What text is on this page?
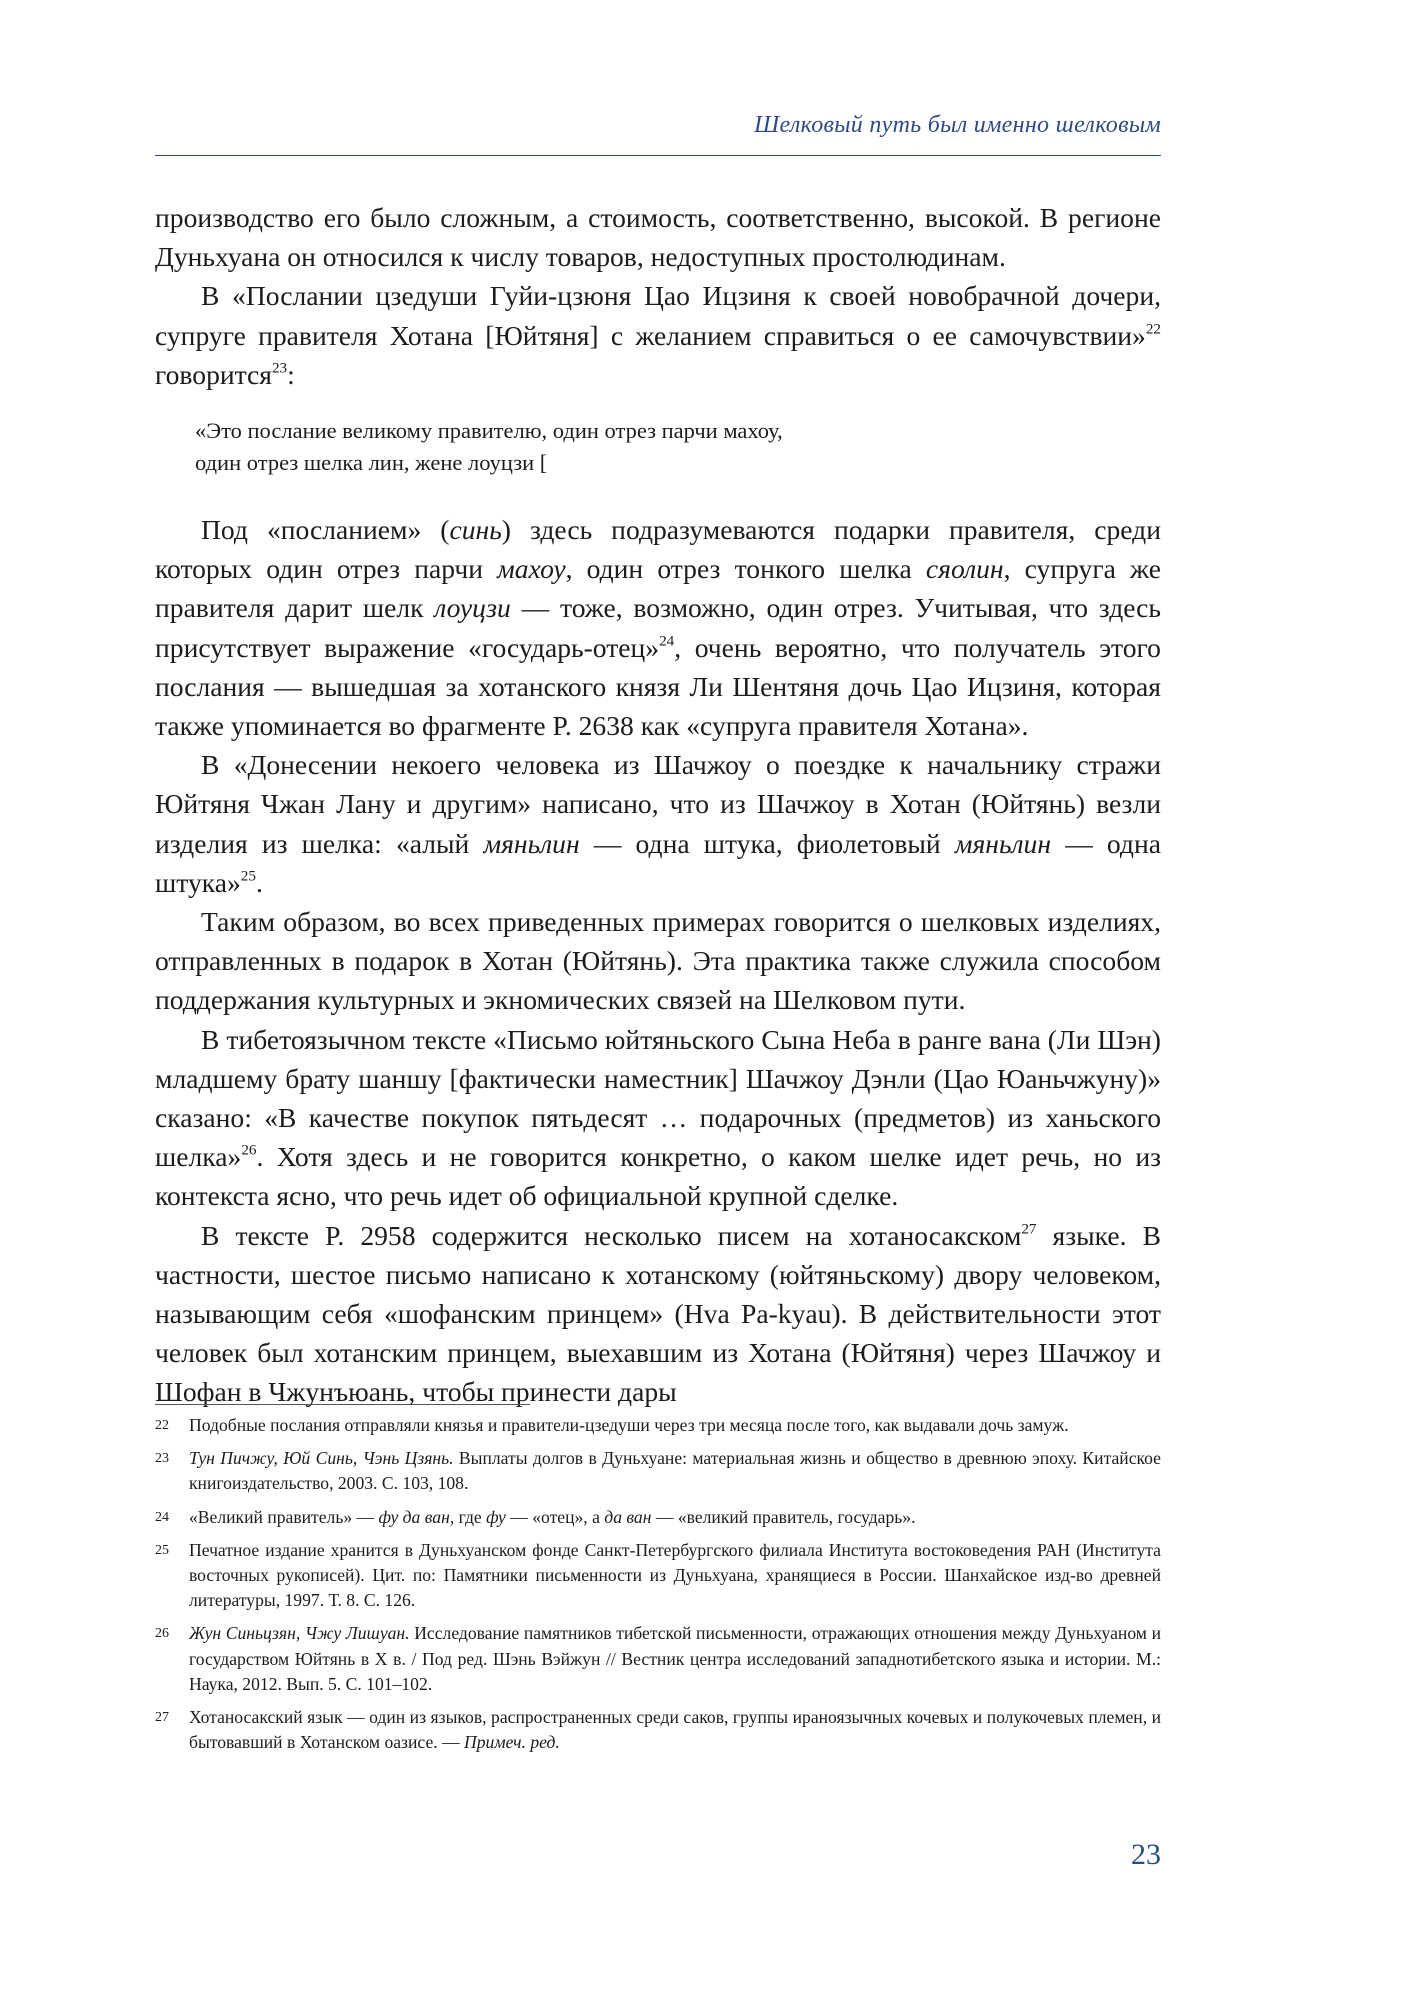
Шелковый путь был именно шелковым

производство его было сложным, а стоимость, соответственно, высокой. В регионе Дуньхуана он относился к числу товаров, недоступных простолюдинам.

В «Послании цзедуши Гуйи-цзюня Цао Ицзиня к своей новобрачной дочери, супруге правителя Хотана [Юйтяня] с желанием справиться о ее самочувствии»$^{22}$ говорится$^{23}$:

«Это послание великому правителю, один отрез парчи махоу,
один отрез шелка лин, жене лоуцзи [

Под «посланием» (синь) здесь подразумеваются подарки правителя, среди которых один отрез парчи махоу, один отрез тонкого шелка сяолин, супруга же правителя дарит шелк лоуцзи — тоже, возможно, один отрез. Учитывая, что здесь присутствует выражение «государь-отец»$^{24}$, очень вероятно, что получатель этого послания — вышедшая за хотанского князя Ли Шентяня дочь Цао Ицзиня, которая также упоминается во фрагменте P. 2638 как «супруга правителя Хотана».

В «Донесении некоего человека из Шачжоу о поездке к начальнику стражи Юйтяня Чжан Лану и другим» написано, что из Шачжоу в Хотан (Юйтянь) везли изделия из шелка: «алый мяньлин — одна штука, фиолетовый мяньлин — одна штука»$^{25}$.

Таким образом, во всех приведенных примерах говорится о шелковых изделиях, отправленных в подарок в Хотан (Юйтянь). Эта практика также служила способом поддержания культурных и экномических связей на Шелковом пути.

В тибетоязычном тексте «Письмо юйтяньского Сына Неба в ранге вана (Ли Шэн) младшему брату шаншу [фактически наместник] Шачжоу Дэнли (Цао Юаньчжуну)» сказано: «В качестве покупок пятьдесят … подарочных (предметов) из ханьского шелка»$^{26}$. Хотя здесь и не говорится конкретно, о каком шелке идет речь, но из контекста ясно, что речь идет об официальной крупной сделке.

В тексте P. 2958 содержится несколько писем на хотаносакском$^{27}$ языке. В частности, шестое письмо написано к хотанскому (юйтяньскому) двору человеком, называющим себя «шофанским принцем» (Hva Pa-kyau). В действительности этот человек был хотанским принцем, выехавшим из Хотана (Юйтяня) через Шачжоу и Шофан в Чжунъюань, чтобы принести дары

22	Подобные послания отправляли князья и правители-цзедуши через три месяца после того, как выдавали дочь замуж.
23	Тун Пичжу, Юй Синь, Чэнь Цзянь. Выплаты долгов в Дуньхуане: материальная жизнь и общество в древнюю эпоху. Китайское книгоиздательство, 2003. С. 103, 108.
24	«Великий правитель» — фу да ван, где фу — «отец», а да ван — «великий правитель, государь».
25	Печатное издание хранится в Дуньхуанском фонде Санкт-Петербургского филиала Института востоковедения РАН (Института восточных рукописей). Цит. по: Памятники письменности из Дуньхуана, хранящиеся в России. Шанхайское изд-во древней литературы, 1997. Т. 8. С. 126.
26	Жун Синьцзян, Чжу Лишуан. Исследование памятников тибетской письменности, отражающих отношения между Дуньхуаном и государством Юйтянь в X в. / Под ред. Шэнь Вэйжун // Вестник центра исследований западнотибетского языка и истории. М.: Наука, 2012. Вып. 5. С. 101–102.
27	Хотаносакский язык — один из языков, распространенных среди саков, группы ираноязычных кочевых и полукочевых племен, и бытовавший в Хотанском оазисе. — Примеч. ред.
23
